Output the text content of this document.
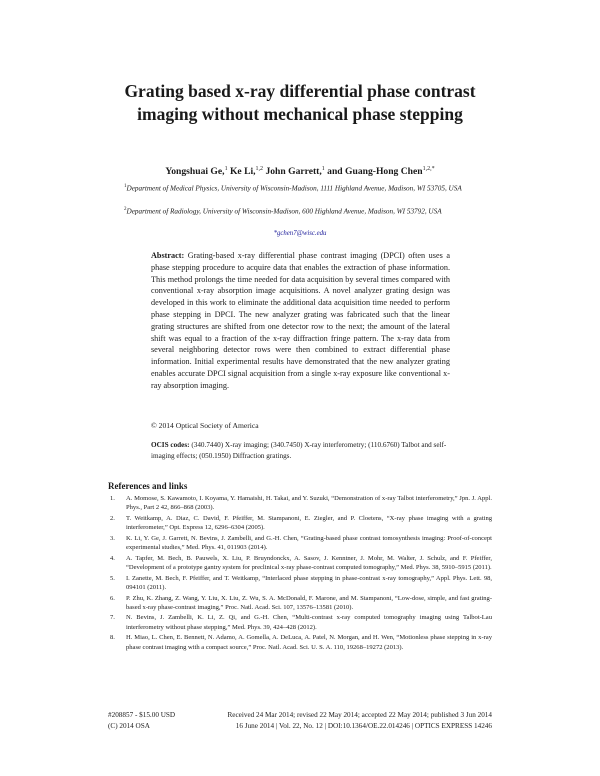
Grating based x-ray differential phase contrast imaging without mechanical phase stepping
Yongshuai Ge,$^1$ Ke Li,$^{1,2}$ John Garrett,$^1$ and Guang-Hong Chen$^{1,2,*}$
$^1$Department of Medical Physics, University of Wisconsin-Madison, 1111 Highland Avenue, Madison, WI 53705, USA
$^2$Department of Radiology, University of Wisconsin-Madison, 600 Highland Avenue, Madison, WI 53792, USA
*gchen7@wisc.edu
Abstract: Grating-based x-ray differential phase contrast imaging (DPCI) often uses a phase stepping procedure to acquire data that enables the extraction of phase information. This method prolongs the time needed for data acquisition by several times compared with conventional x-ray absorption image acquisitions. A novel analyzer grating design was developed in this work to eliminate the additional data acquisition time needed to perform phase stepping in DPCI. The new analyzer grating was fabricated such that the linear grating structures are shifted from one detector row to the next; the amount of the lateral shift was equal to a fraction of the x-ray diffraction fringe pattern. The x-ray data from several neighboring detector rows were then combined to extract differential phase information. Initial experimental results have demonstrated that the new analyzer grating enables accurate DPCI signal acquisition from a single x-ray exposure like conventional x-ray absorption imaging.
© 2014 Optical Society of America
OCIS codes: (340.7440) X-ray imaging; (340.7450) X-ray interferometry; (110.6760) Talbot and self-imaging effects; (050.1950) Diffraction gratings.
References and links
1. A. Momose, S. Kawamoto, I. Koyama, Y. Hamaishi, H. Takai, and Y. Suzuki, “Demonstration of x-ray Talbot interferometry,” Jpn. J. Appl. Phys., Part 2 42, 866–868 (2003).
2. T. Weitkamp, A. Diaz, C. David, F. Pfeiffer, M. Stampanoni, E. Ziegler, and P. Cloetens, “X-ray phase imaging with a grating interferometer,” Opt. Express 12, 6296–6304 (2005).
3. K. Li, Y. Ge, J. Garrett, N. Bevins, J. Zambelli, and G.-H. Chen, “Grating-based phase contrast tomosynthesis imaging: Proof-of-concept experimental studies,” Med. Phys. 41, 011903 (2014).
4. A. Tapfer, M. Bech, B. Pauwels, X. Liu, P. Bruyndonckx, A. Sasov, J. Kenntner, J. Mohr, M. Walter, J. Schulz, and F. Pfeiffer, “Development of a prototype gantry system for preclinical x-ray phase-contrast computed tomography,” Med. Phys. 38, 5910–5915 (2011).
5. I. Zanette, M. Bech, F. Pfeiffer, and T. Weitkamp, “Interlaced phase stepping in phase-contrast x-ray tomography,” Appl. Phys. Lett. 98, 094101 (2011).
6. P. Zhu, K. Zhang, Z. Wang, Y. Liu, X. Liu, Z. Wu, S. A. McDonald, F. Marone, and M. Stampanoni, “Low-dose, simple, and fast grating-based x-ray phase-contrast imaging,” Proc. Natl. Acad. Sci. 107, 13576–13581 (2010).
7. N. Bevins, J. Zambelli, K. Li, Z. Qi, and G.-H. Chen, “Multi-contrast x-ray computed tomography imaging using Talbot-Lau interferometry without phase stepping,” Med. Phys. 39, 424–428 (2012).
8. H. Miao, L. Chen, E. Bennett, N. Adamo, A. Gomella, A. DeLuca, A. Patel, N. Morgan, and H. Wen, “Motionless phase stepping in x-ray phase contrast imaging with a compact source,” Proc. Natl. Acad. Sci. U. S. A. 110, 19268–19272 (2013).
#208857 - $15.00 USD
(C) 2014 OSA
Received 24 Mar 2014; revised 22 May 2014; accepted 22 May 2014; published 3 Jun 2014
16 June 2014 | Vol. 22, No. 12 | DOI:10.1364/OE.22.014246 | OPTICS EXPRESS 14246
